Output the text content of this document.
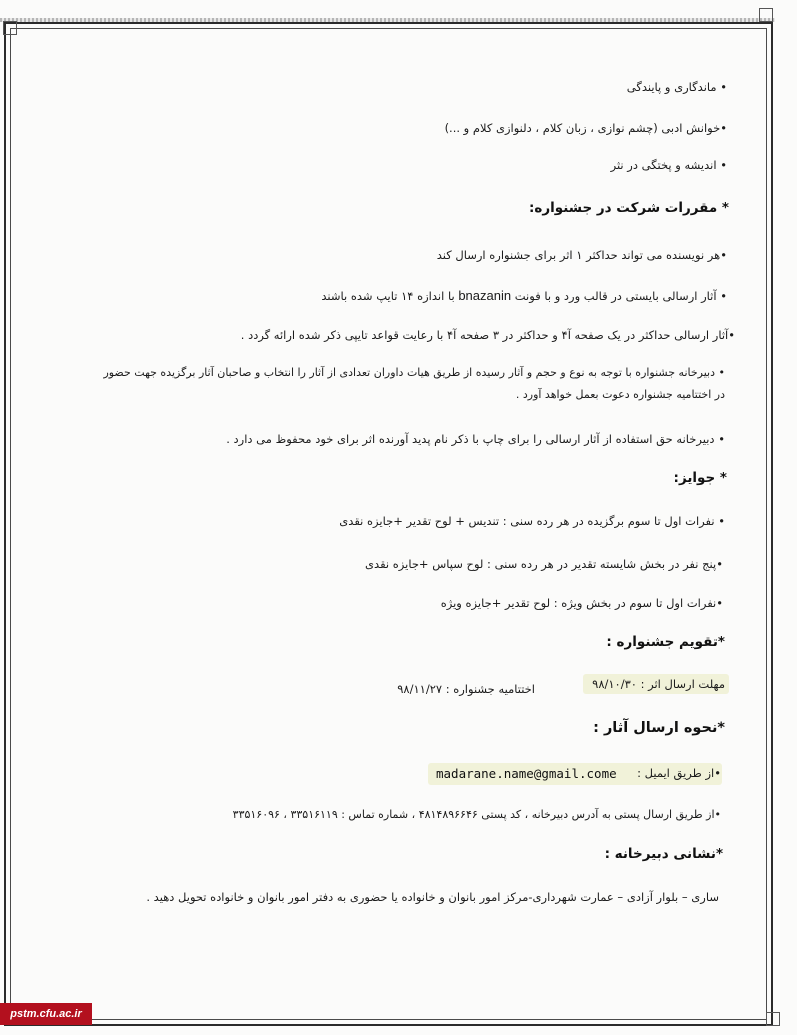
• ماندگاری و پایندگی
•خوانش ادبی (چشم نوازی ، زبان کلام ، دلنوازی کلام و ...)
• اندیشه و پختگی در نثر
* مقررات شرکت در جشنواره:
•هر نویسنده می تواند حداکثر ۱ اثر برای جشنواره ارسال کند
• آثار ارسالی بایستی در قالب ورد و با فونت bnazanin با اندازه ۱۴ تایپ شده باشند
•آثار ارسالی حداکثر در یک صفحه آ۴ و حداکثر در ۳ صفحه آ۴ با رعایت قواعد تایپی ذکر شده ارائه گردد .
• دبیرخانه جشنواره با توجه به نوع و حجم و آثار رسیده از طریق هیات داوران تعدادی از آثار را انتخاب و صاحبان آثار برگزیده جهت حضور
در اختتامیه جشنواره دعوت بعمل خواهد آورد .
• دبیرخانه حق استفاده از آثار ارسالی را برای چاپ با ذکر نام پدید آورنده اثر برای خود محفوظ می دارد .
* جوایز:
• نفرات اول تا سوم برگزیده در هر رده سنی : تندیس + لوح تقدیر +جایزه نقدی
•پنج نفر در بخش شایسته تقدیر در هر رده سنی : لوح سپاس +جایزه نقدی
•نفرات اول تا سوم در بخش ویژه : لوح تقدیر +جایزه ویژه
*تقویم جشنواره :
مهلت ارسال اثر : ۹۸/۱۰/۳۰
اختتامیه جشنواره : ۹۸/۱۱/۲۷
*نحوه ارسال آثار :
•از طریق ایمیل :
madarane.name@gmail.come
•از طریق ارسال پستی به آدرس دبیرخانه ، کد پستی ۴۸۱۴۸۹۶۶۴۶ ، شماره تماس : ۳۳۵۱۶۱۱۹ ، ۳۳۵۱۶۰۹۶
*نشانی دبیرخانه :
ساری – بلوار آزادی – عمارت شهرداری-مرکز امور بانوان و خانواده یا حضوری به دفتر امور بانوان و خانواده تحویل دهید .
pstm.cfu.ac.ir
